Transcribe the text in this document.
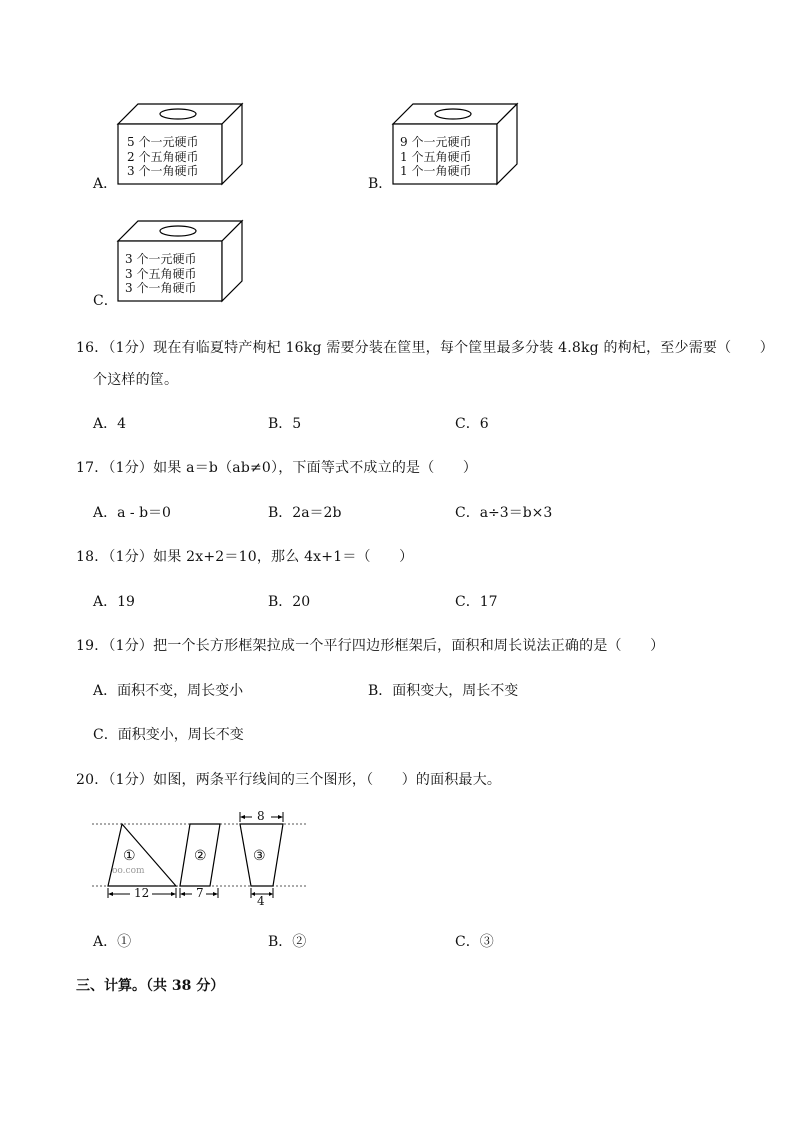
A．
5 个一元硬币
2 个五角硬币
3 个一角硬币
B．
9 个一元硬币
1 个五角硬币
1 个一角硬币
C．
3 个一元硬币
3 个五角硬币
3 个一角硬币
16．（1分）现在有临夏特产枸杞 16kg 需要分装在筐里，每个筐里最多分装 4.8kg 的枸杞，至少需要（　　）
个这样的筐。
A．4	B．5	C．6
17．（1分）如果 a＝b（ab≠0），下面等式不成立的是（　　）
A．a - b＝0	B．2a＝2b	C．a÷3＝b×3
18．（1分）如果 2x+2＝10，那么 4x+1＝（　　）
A．19	B．20	C．17
19．（1分）把一个长方形框架拉成一个平行四边形框架后，面积和周长说法正确的是（　　）
A．面积不变，周长变小	B．面积变大，周长不变
C．面积变小，周长不变
20．（1分）如图，两条平行线间的三个图形，（　　）的面积最大。
①	②	③
oo.com
12	7
8
4
A．①	B．②	C．③
三、计算。（共 38 分）
